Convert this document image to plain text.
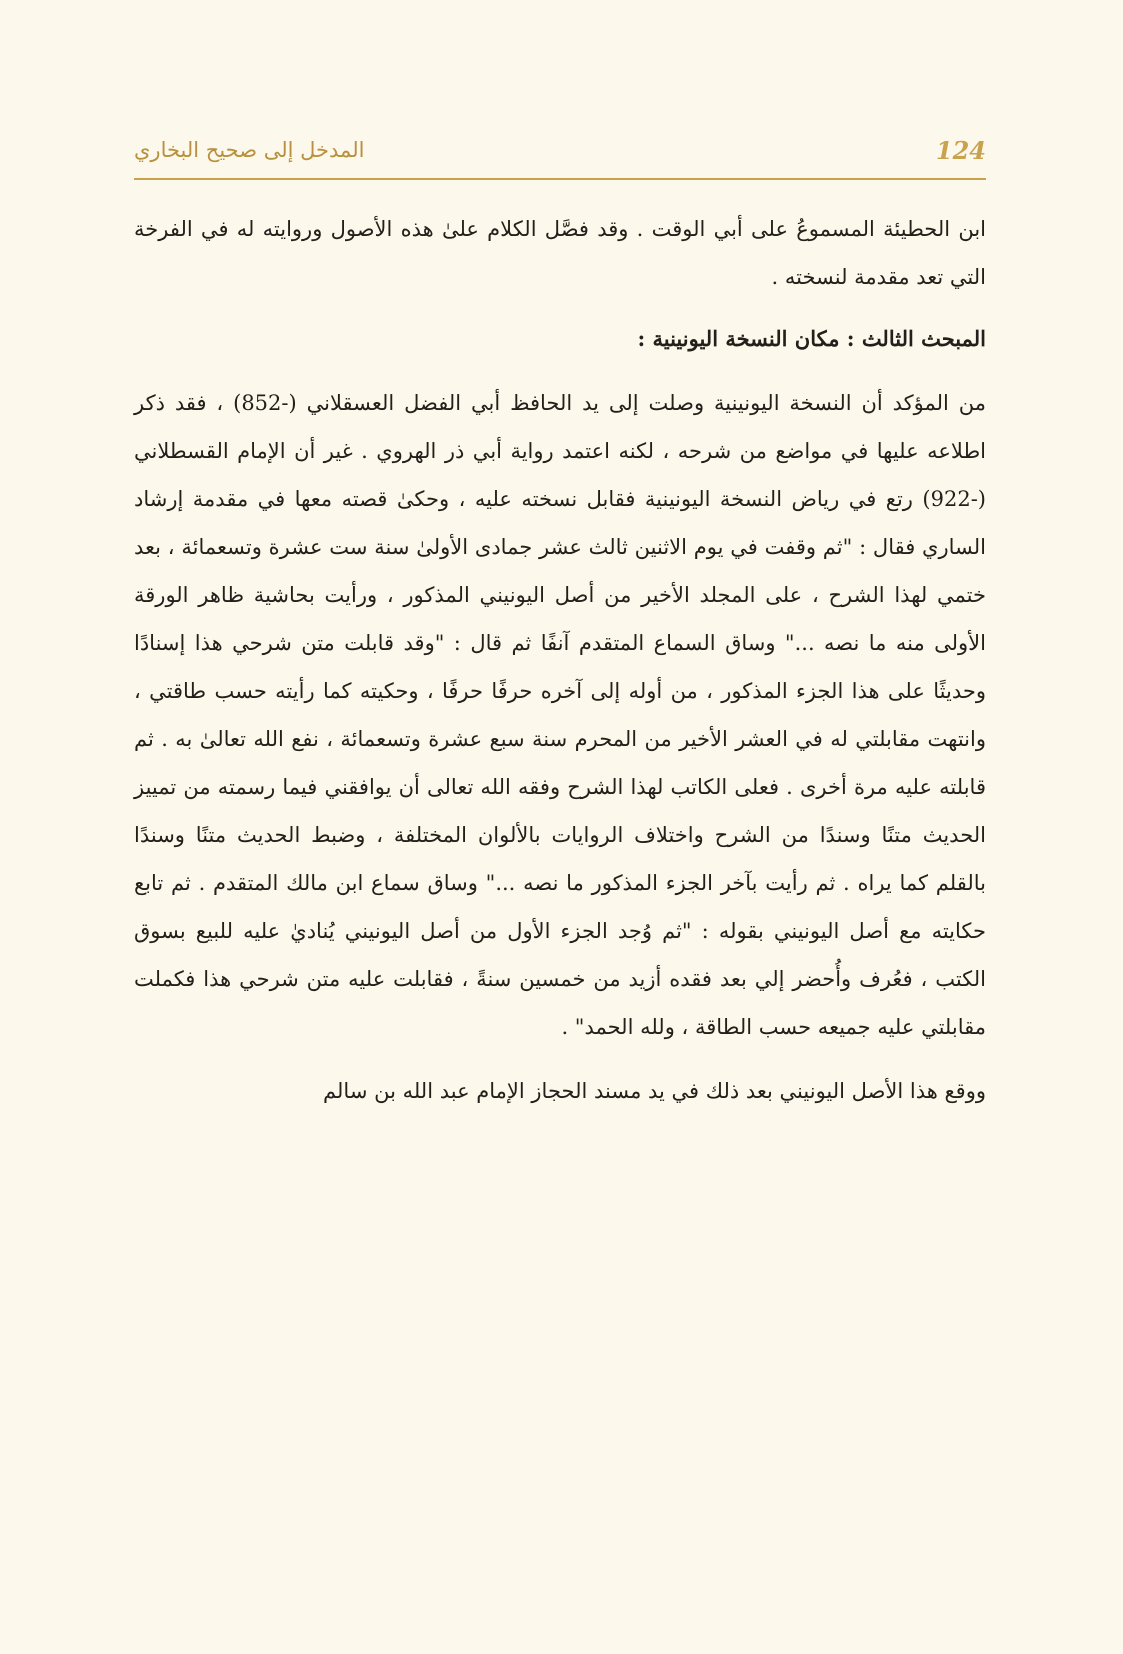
المدخل إلى صحيح البخاري	124

ابن الحطيئة المسموعُ على أبي الوقت . وقد فصَّل الكلام علىٰ هذه الأصول وروايته له في الفرخة التي تعد مقدمة لنسخته .

المبحث الثالث : مكان النسخة اليونينية :

من المؤكد أن النسخة اليونينية وصلت إلى يد الحافظ أبي الفضل العسقلاني (-852) ، فقد ذكر اطلاعه عليها في مواضع من شرحه ، لكنه اعتمد رواية أبي ذر الهروي . غير أن الإمام القسطلاني (-922) رتع في رياض النسخة اليونينية فقابل نسخته عليه ، وحكىٰ قصته معها في مقدمة إرشاد الساري فقال : "ثم وقفت في يوم الاثنين ثالث عشر جمادى الأولىٰ سنة ست عشرة وتسعمائة ، بعد ختمي لهذا الشرح ، على المجلد الأخير من أصل اليونيني المذكور ، ورأيت بحاشية ظاهر الورقة الأولى منه ما نصه ..." وساق السماع المتقدم آنفًا ثم قال : "وقد قابلت متن شرحي هذا إسنادًا وحديثًا على هذا الجزء المذكور ، من أوله إلى آخره حرفًا حرفًا ، وحكيته كما رأيته حسب طاقتي ، وانتهت مقابلتي له في العشر الأخير من المحرم سنة سبع عشرة وتسعمائة ، نفع الله تعالىٰ به . ثم قابلته عليه مرة أخرى . فعلى الكاتب لهذا الشرح وفقه الله تعالى أن يوافقني فيما رسمته من تمييز الحديث متنًا وسندًا من الشرح واختلاف الروايات بالألوان المختلفة ، وضبط الحديث متنًا وسندًا بالقلم كما يراه . ثم رأيت بآخر الجزء المذكور ما نصه ..." وساق سماع ابن مالك المتقدم . ثم تابع حكايته مع أصل اليونيني بقوله : "ثم وُجد الجزء الأول من أصل اليونيني يُناديٰ عليه للبيع بسوق الكتب ، فعُرف وأُحضر إلي بعد فقده أزيد من خمسين سنةً ، فقابلت عليه متن شرحي هذا فكملت مقابلتي عليه جميعه حسب الطاقة ، ولله الحمد" .

ووقع هذا الأصل اليونيني بعد ذلك في يد مسند الحجاز الإمام عبد الله بن سالم
